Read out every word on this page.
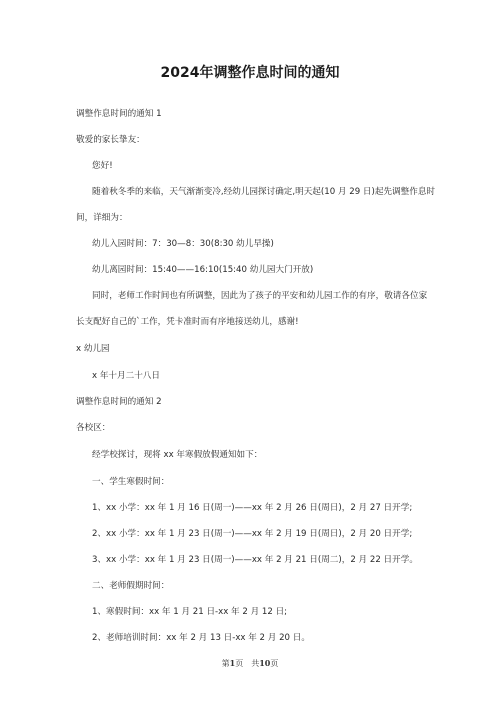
2024年调整作息时间的通知
调整作息时间的通知 1
敬爱的家长挚友：
您好!
随着秋冬季的来临，天气渐渐变冷,经幼儿园探讨确定,明天起(10 月 29 日)起先调整作息时
间，详细为：
幼儿入园时间：7：30—8：30(8:30 幼儿早操)
幼儿离园时间：15:40——16:10(15:40 幼儿园大门开放)
同时，老师工作时间也有所调整，因此为了孩子的平安和幼儿园工作的有序，敬请各位家
长支配好自己的`工作，凭卡准时而有序地接送幼儿，感谢!
x 幼儿园
x 年十月二十八日
调整作息时间的通知 2
各校区：
经学校探讨，现将 xx 年寒假放假通知如下：
一、学生寒假时间：
1、xx 小学：xx 年 1 月 16 日(周一)——xx 年 2 月 26 日(周日)，2 月 27 日开学;
2、xx 小学：xx 年 1 月 23 日(周一)——xx 年 2 月 19 日(周日)，2 月 20 日开学;
3、xx 小学：xx 年 1 月 23 日(周一)——xx 年 2 月 21 日(周二)，2 月 22 日开学。
二、老师假期时间：
1、寒假时间：xx 年 1 月 21 日-xx 年 2 月 12 日;
2、老师培训时间：xx 年 2 月 13 日-xx 年 2 月 20 日。
第1页　共10页
